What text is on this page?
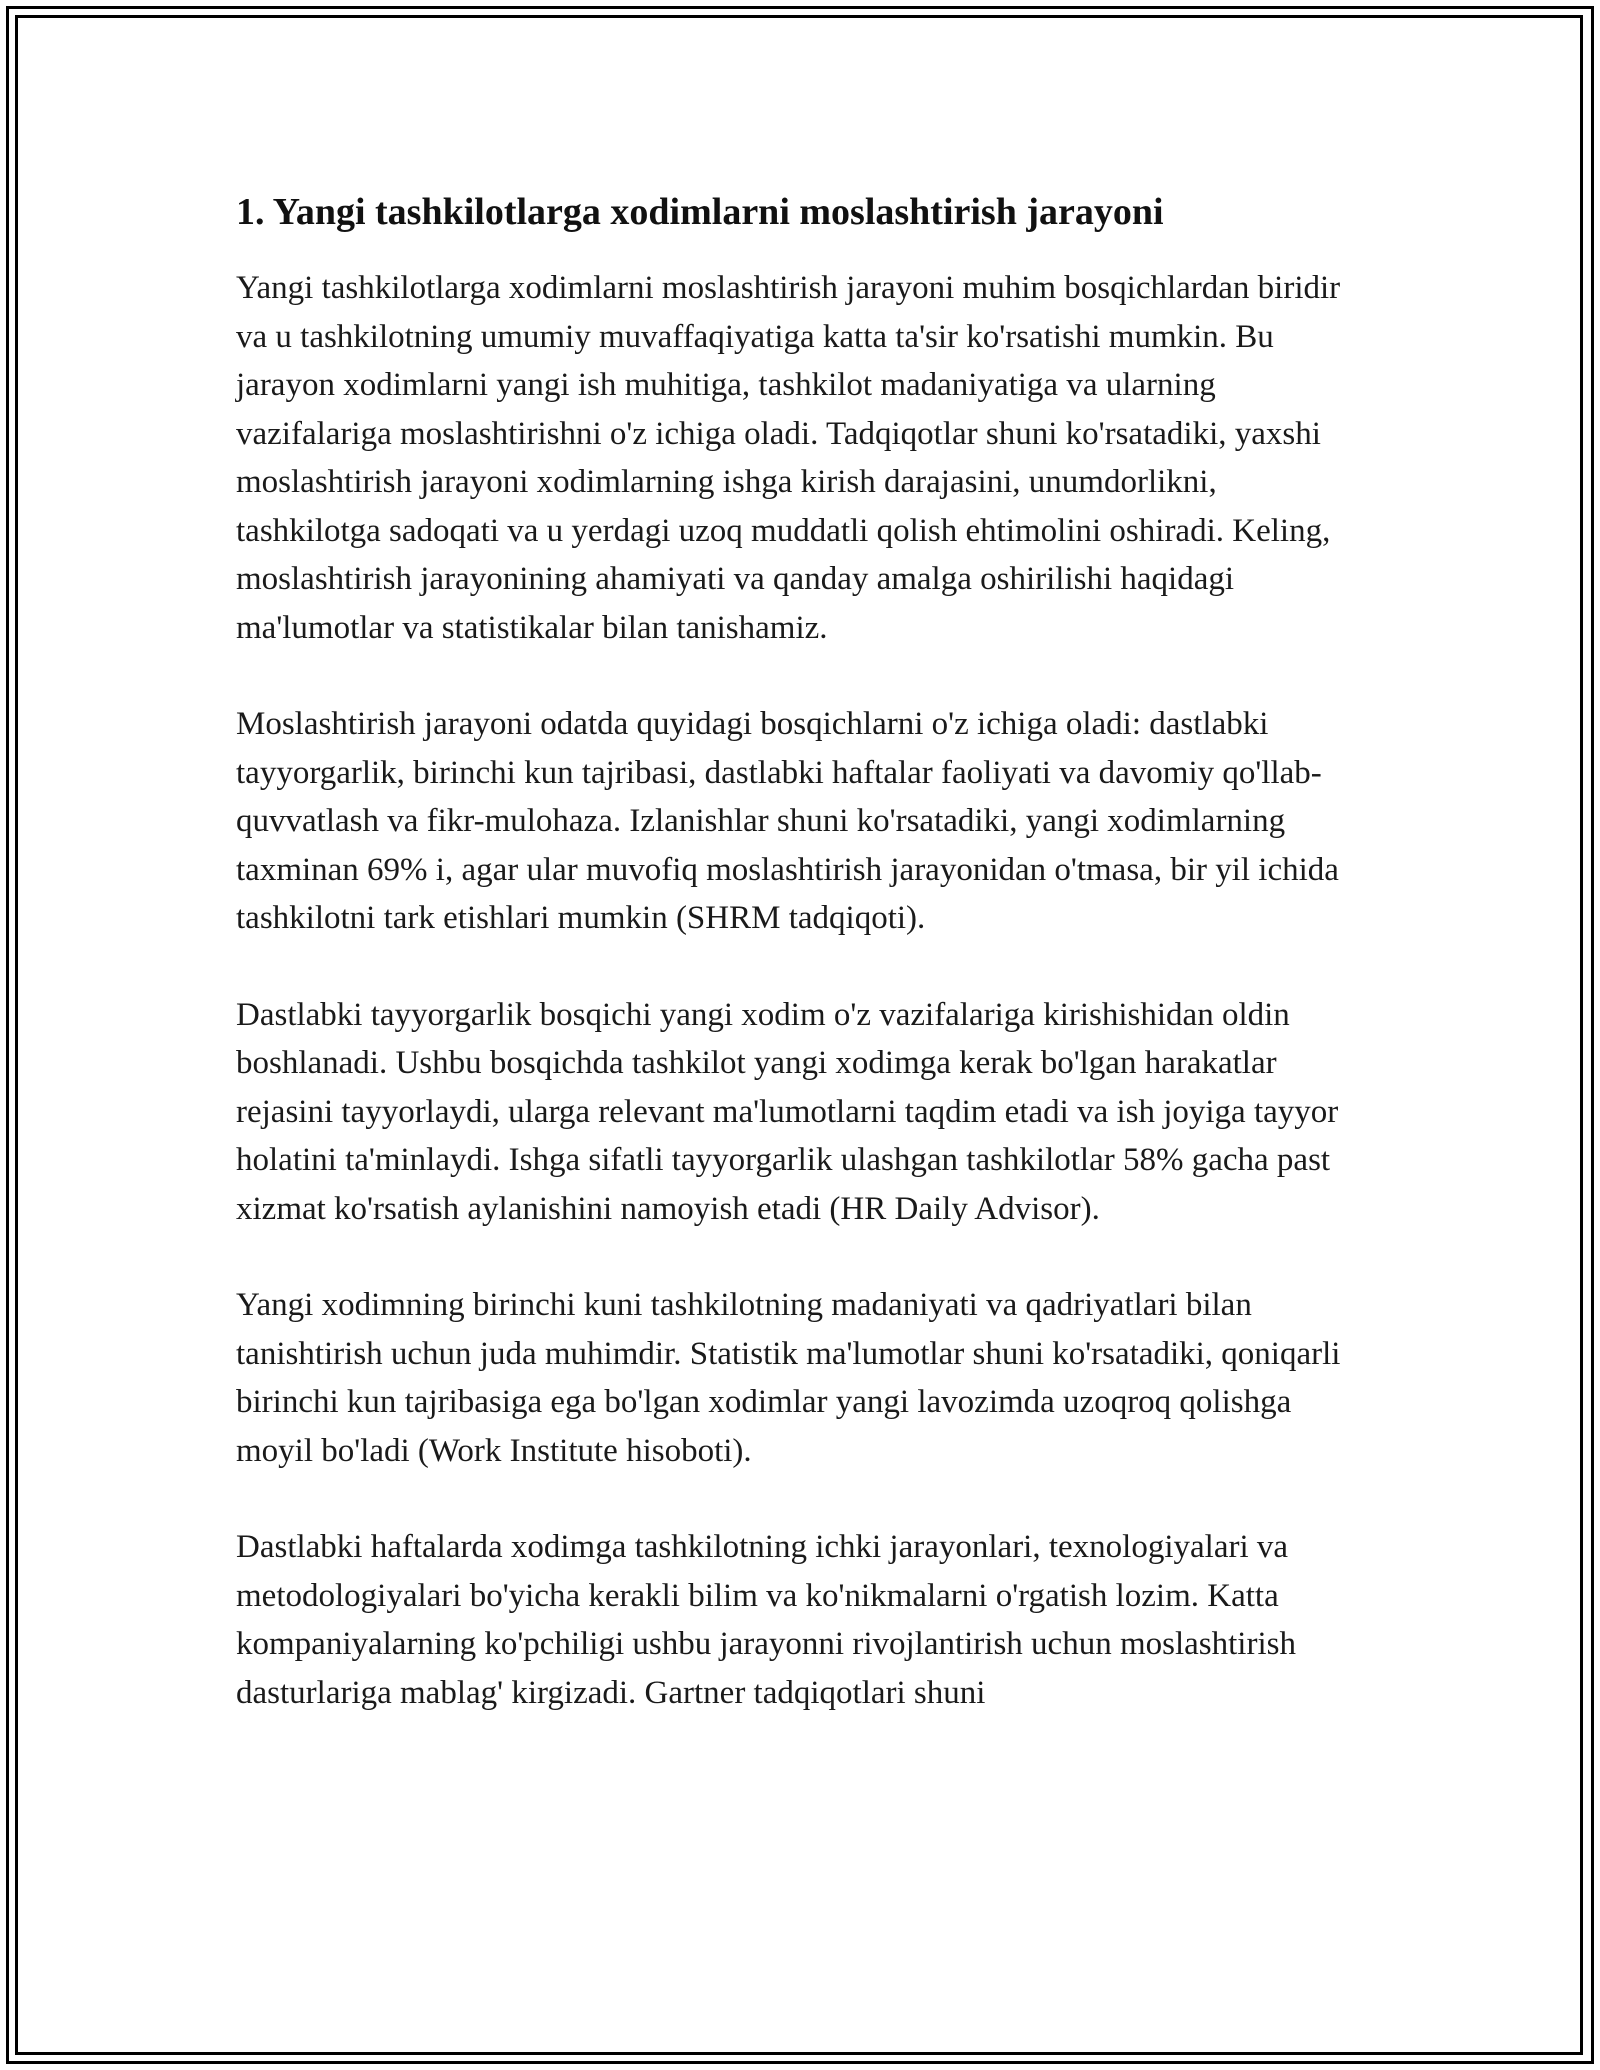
1. Yangi tashkilotlarga xodimlarni moslashtirish jarayoni

Yangi tashkilotlarga xodimlarni moslashtirish jarayoni muhim bosqichlardan biridir va u tashkilotning umumiy muvaffaqiyatiga katta ta'sir ko'rsatishi mumkin. Bu jarayon xodimlarni yangi ish muhitiga, tashkilot madaniyatiga va ularning vazifalariga moslashtirishni o'z ichiga oladi. Tadqiqotlar shuni ko'rsatadiki, yaxshi moslashtirish jarayoni xodimlarning ishga kirish darajasini, unumdorlikni, tashkilotga sadoqati va u yerdagi uzoq muddatli qolish ehtimolini oshiradi. Keling, moslashtirish jarayonining ahamiyati va qanday amalga oshirilishi haqidagi ma'lumotlar va statistikalar bilan tanishamiz.

Moslashtirish jarayoni odatda quyidagi bosqichlarni o'z ichiga oladi: dastlabki tayyorgarlik, birinchi kun tajribasi, dastlabki haftalar faoliyati va davomiy qo'llab-quvvatlash va fikr-mulohaza. Izlanishlar shuni ko'rsatadiki, yangi xodimlarning taxminan 69% i, agar ular muvofiq moslashtirish jarayonidan o'tmasa, bir yil ichida tashkilotni tark etishlari mumkin (SHRM tadqiqoti).

Dastlabki tayyorgarlik bosqichi yangi xodim o'z vazifalariga kirishishidan oldin boshlanadi. Ushbu bosqichda tashkilot yangi xodimga kerak bo'lgan harakatlar rejasini tayyorlaydi, ularga relevant ma'lumotlarni taqdim etadi va ish joyiga tayyor holatini ta'minlaydi. Ishga sifatli tayyorgarlik ulashgan tashkilotlar 58% gacha past xizmat ko'rsatish aylanishini namoyish etadi (HR Daily Advisor).

Yangi xodimning birinchi kuni tashkilotning madaniyati va qadriyatlari bilan tanishtirish uchun juda muhimdir. Statistik ma'lumotlar shuni ko'rsatadiki, qoniqarli birinchi kun tajribasiga ega bo'lgan xodimlar yangi lavozimda uzoqroq qolishga moyil bo'ladi (Work Institute hisoboti).

Dastlabki haftalarda xodimga tashkilotning ichki jarayonlari, texnologiyalari va metodologiyalari bo'yicha kerakli bilim va ko'nikmalarni o'rgatish lozim. Katta kompaniyalarning ko'pchiligi ushbu jarayonni rivojlantirish uchun moslashtirish dasturlariga mablag' kirgizadi. Gartner tadqiqotlari shuni
